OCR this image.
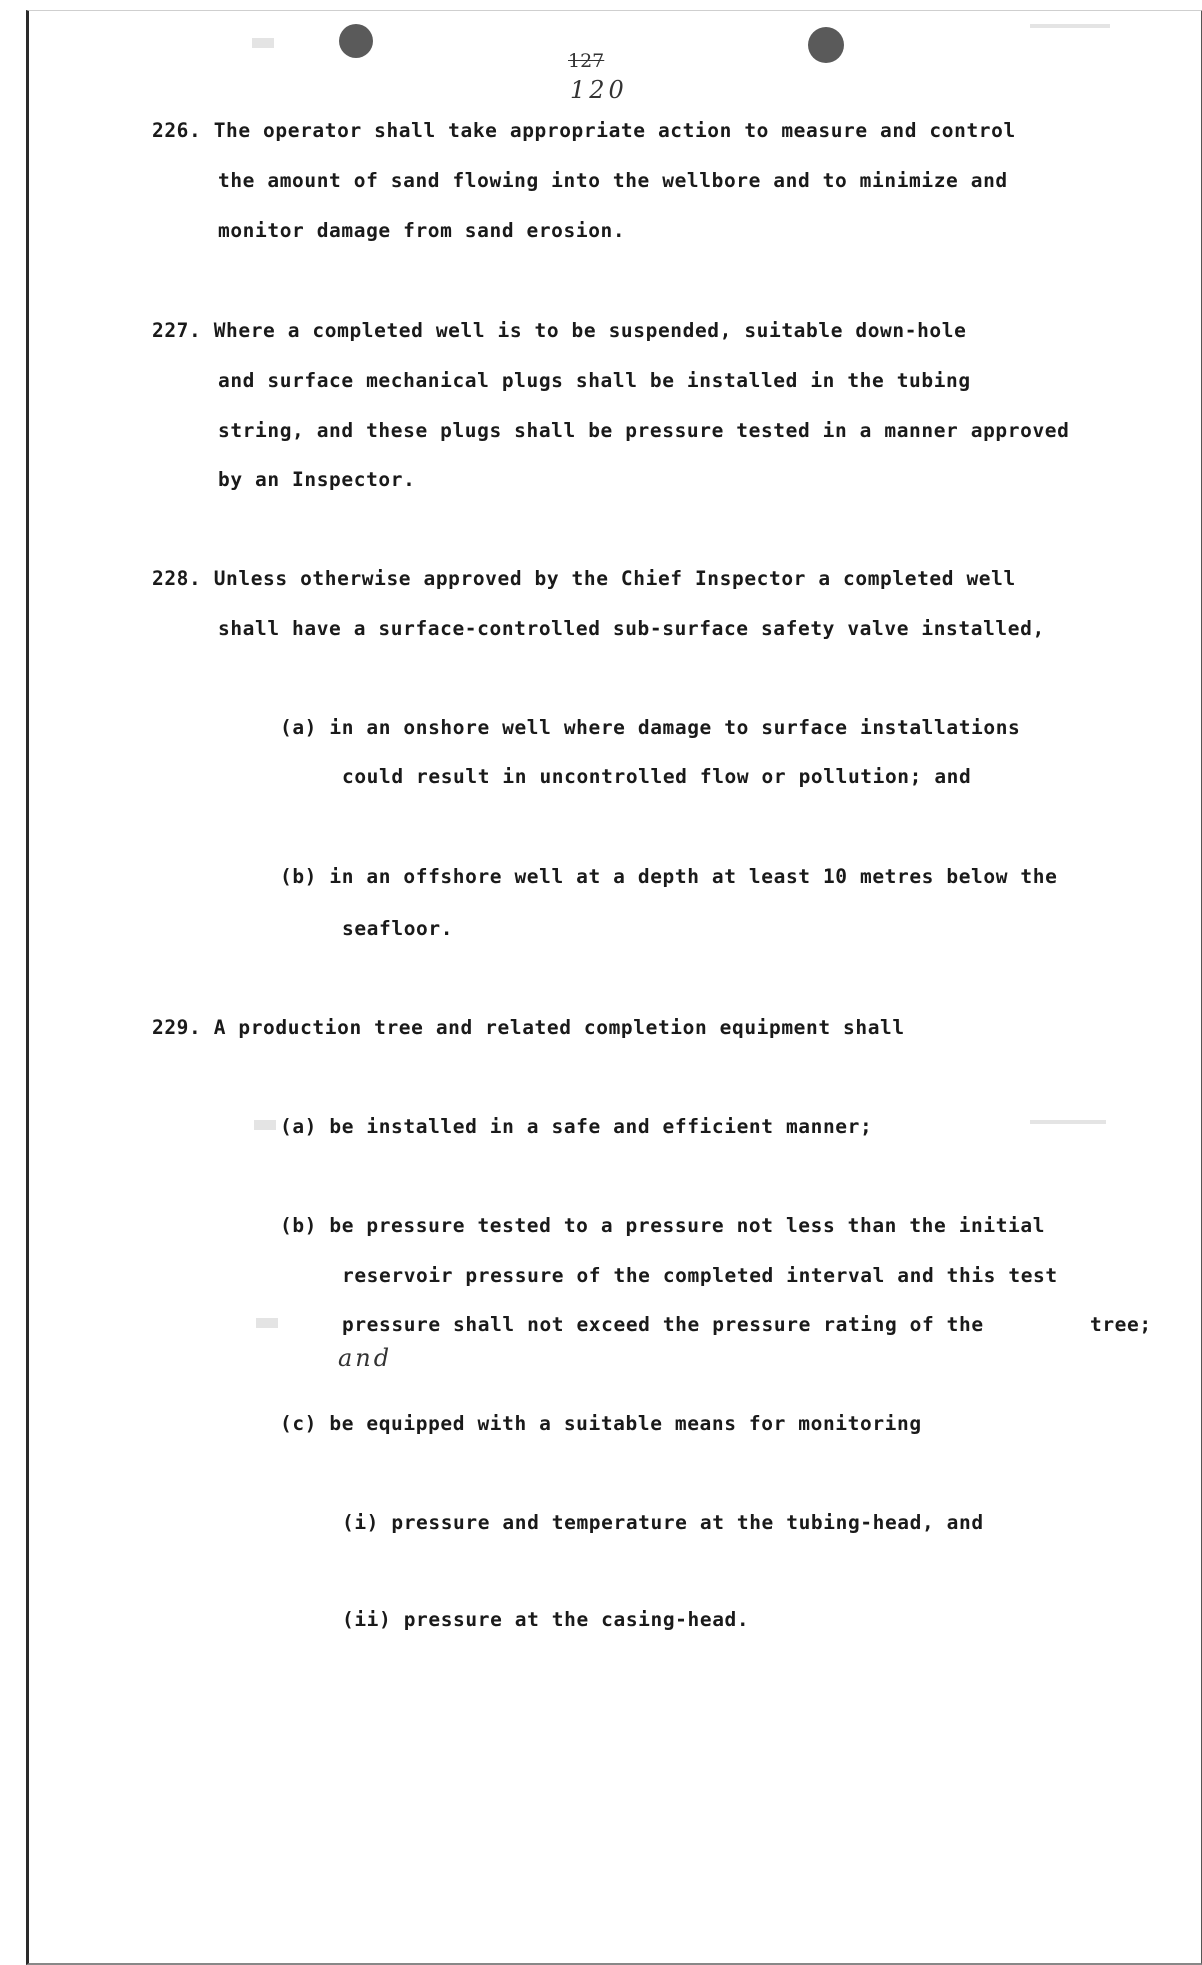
127
120
226. The operator shall take appropriate action to measure and control
the amount of sand flowing into the wellbore and to minimize and
monitor damage from sand erosion.
227. Where a completed well is to be suspended, suitable down-hole
and surface mechanical plugs shall be installed in the tubing
string, and these plugs shall be pressure tested in a manner approved
by an Inspector.
228. Unless otherwise approved by the Chief Inspector a completed well
shall have a surface-controlled sub-surface safety valve installed,
(a) in an onshore well where damage to surface installations
could result in uncontrolled flow or pollution; and
(b) in an offshore well at a depth at least 10 metres below the
seafloor.
229. A production tree and related completion equipment shall
(a) be installed in a safe and efficient manner;
(b) be pressure tested to a pressure not less than the initial
reservoir pressure of the completed interval and this test
pressure shall not exceed the pressure rating of the	tree;
and
(c) be equipped with a suitable means for monitoring
(i) pressure and temperature at the tubing-head, and
(ii) pressure at the casing-head.
